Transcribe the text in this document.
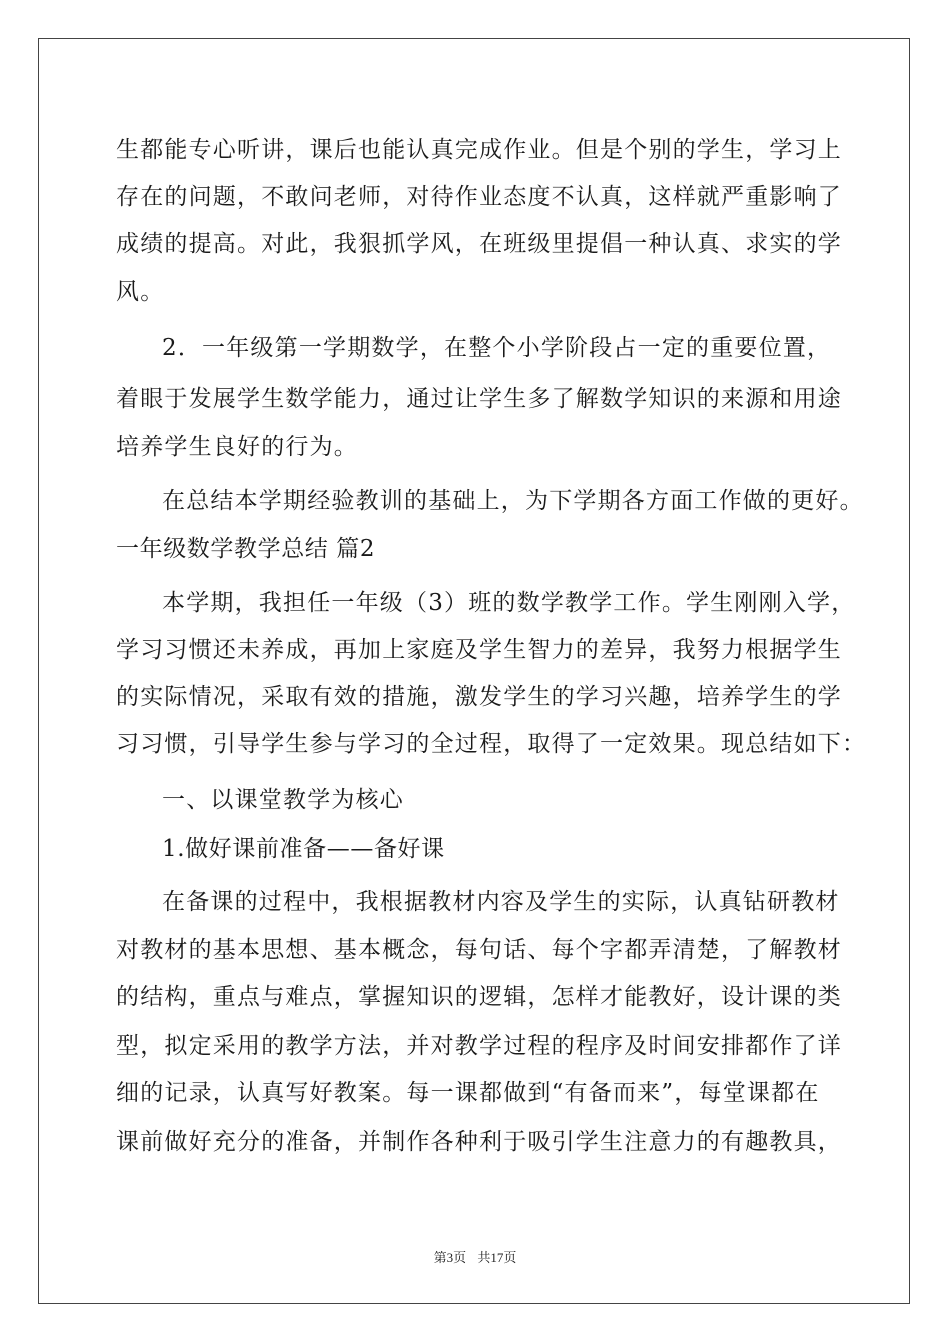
生都能专心听讲，课后也能认真完成作业。但是个别的学生，学习上
存在的问题，不敢问老师，对待作业态度不认真，这样就严重影响了
成绩的提高。对此，我狠抓学风，在班级里提倡一种认真、求实的学
风。
2．一年级第一学期数学，在整个小学阶段占一定的重要位置，
着眼于发展学生数学能力，通过让学生多了解数学知识的来源和用途
培养学生良好的行为。
在总结本学期经验教训的基础上，为下学期各方面工作做的更好。
一年级数学教学总结 篇2
本学期，我担任一年级（3）班的数学教学工作。学生刚刚入学，
学习习惯还未养成，再加上家庭及学生智力的差异，我努力根据学生
的实际情况，采取有效的措施，激发学生的学习兴趣，培养学生的学
习习惯，引导学生参与学习的全过程，取得了一定效果。现总结如下：
一、以课堂教学为核心
1.做好课前准备——备好课
在备课的过程中，我根据教材内容及学生的实际，认真钻研教材
对教材的基本思想、基本概念，每句话、每个字都弄清楚，了解教材
的结构，重点与难点，掌握知识的逻辑，怎样才能教好，设计课的类
型，拟定采用的教学方法，并对教学过程的程序及时间安排都作了详
细的记录，认真写好教案。每一课都做到“有备而来”，每堂课都在
课前做好充分的准备，并制作各种利于吸引学生注意力的有趣教具，
第3页 共17页
